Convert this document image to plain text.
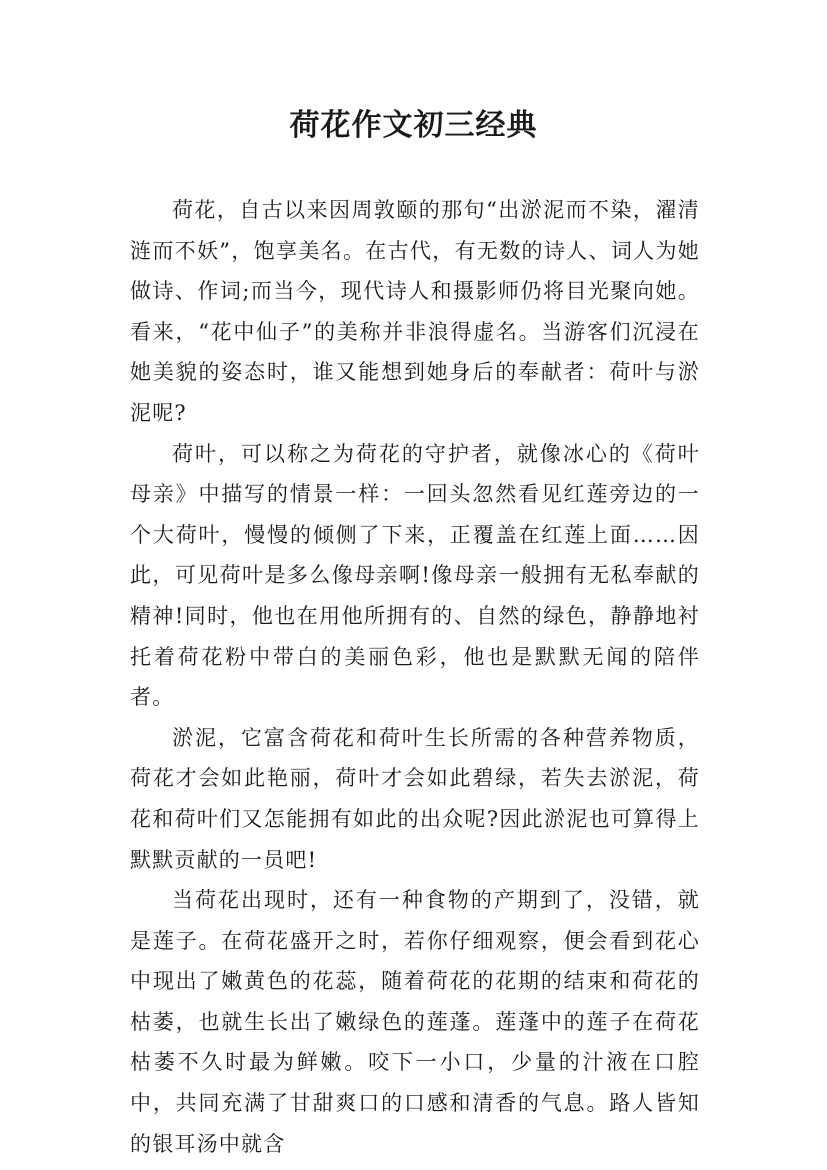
荷花作文初三经典

荷花，自古以来因周敦颐的那句“出淤泥而不染，濯清涟而不妖”，饱享美名。在古代，有无数的诗人、词人为她做诗、作词;而当今，现代诗人和摄影师仍将目光聚向她。看来，“花中仙子”的美称并非浪得虚名。当游客们沉浸在她美貌的姿态时，谁又能想到她身后的奉献者：荷叶与淤泥呢?

荷叶，可以称之为荷花的守护者，就像冰心的《荷叶母亲》中描写的情景一样：一回头忽然看见红莲旁边的一个大荷叶，慢慢的倾侧了下来，正覆盖在红莲上面……因此，可见荷叶是多么像母亲啊!像母亲一般拥有无私奉献的精神!同时，他也在用他所拥有的、自然的绿色，静静地衬托着荷花粉中带白的美丽色彩，他也是默默无闻的陪伴者。

淤泥，它富含荷花和荷叶生长所需的各种营养物质，荷花才会如此艳丽，荷叶才会如此碧绿，若失去淤泥，荷花和荷叶们又怎能拥有如此的出众呢?因此淤泥也可算得上默默贡献的一员吧!

当荷花出现时，还有一种食物的产期到了，没错，就是莲子。在荷花盛开之时，若你仔细观察，便会看到花心中现出了嫩黄色的花蕊，随着荷花的花期的结束和荷花的枯萎，也就生长出了嫩绿色的莲蓬。莲蓬中的莲子在荷花枯萎不久时最为鲜嫩。咬下一小口，少量的汁液在口腔中，共同充满了甘甜爽口的口感和清香的气息。路人皆知的银耳汤中就含
